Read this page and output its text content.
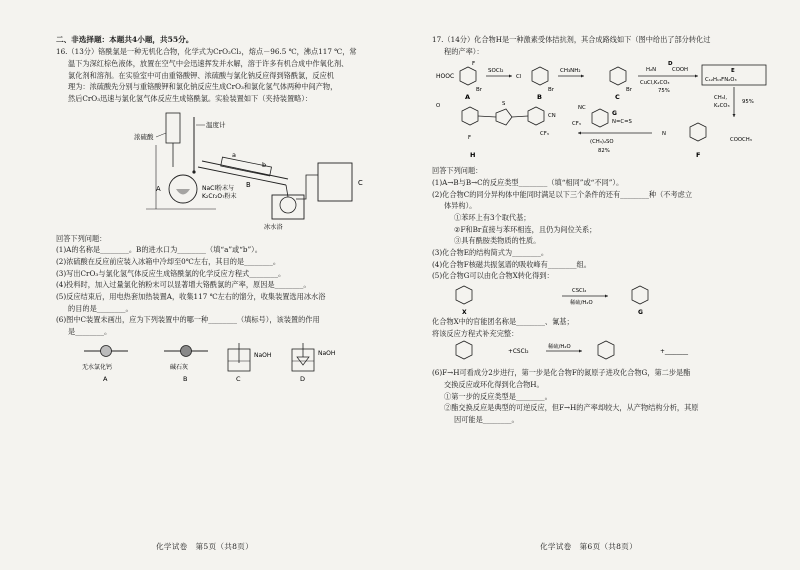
二、非选择题：本题共4小题，共55分。

16.（13分）铬酰氯是一种无机化合物，化学式为CrO₂Cl₂，熔点－96.5 ℃，沸点117 ℃，常

温下为深红棕色液体，放置在空气中会迅速挥发并水解，溶于许多有机合成中作氧化剂、

氯化剂和溶剂。在实验室中可由重铬酸钾、浓硫酸与氯化钠反应得到铬酰氯，反应机

理为：浓硫酸先分别与重铬酸钾和氯化钠反应生成CrO₃和氯化氢气体两种中间产物，

然后CrO₃迅速与氯化氢气体反应生成铬酰氯。实验装置如下（夹持装置略）：

浓硫酸
温度计
A	NaCl粉末与
K₂Cr₂O₇粉末
a
b
B
冰水浴
C

回答下列问题：

(1)A的名称是________。B的进水口为________（填“a”或“b”）。

(2)浓硫酸在反应前应装入冰箱中冷却至0℃左右，其目的是________。

(3)写出CrO₃与氯化氢气体反应生成铬酰氯的化学反应方程式________。

(4)投料时，加入过量氯化钠粉末可以显著增大铬酰氯的产率，原因是________。

(5)反应结束后，用电热套加热装置A，收集117 ℃左右的馏分，收集装置选用冰水浴

的目的是________。

(6)图中C装置未画出，应为下列装置中的哪一种________（填标号），该装置的作用

是________。

无水氯化钙
A
碱石灰
B
NaOH
C
NaOH
D
化学试卷　第5页（共8页）

17.（14分）化合物H是一种激素受体拮抗剂，其合成路线如下（图中给出了部分转化过

程的产率）：

HOOC
F
Br
A
SOCl₂
Cl
Br
B
CH₃NH₂
Br
C
D
H₂N	COOH
CuCl,K₂CO₃
75%
E
C₁₂H₁₃FN₂O₃
CH₃I,
K₂CO₃
95%
N
COOCH₃
F
NC
CF₃
G
N=C=S
(CH₃)₂SO
82%
O	S
CN
CF₃
F
H

回答下列问题：

(1)A→B与B→C的反应类型________（填“相同”或“不同”）。

(2)化合物C的同分异构体中能同时满足以下三个条件的还有________种（不考虑立

体异构）。

①苯环上有3个取代基；

②F和Br直接与苯环相连，且仍为间位关系；

③具有酰胺类物质的性质。

(3)化合物E的结构简式为________。

(4)化合物F核磁共振氢谱的吸收峰有________组。

(5)化合物G可以由化合物X转化得到：

X
CSCl₂
稀硫/H₂O
G

化合物X中的官能团名称是________、氰基；

将该反应方程式补充完整：

+CSCl₂
稀硫/H₂O
+________

(6)F→H可看成分2步进行，第一步是化合物F的氮原子进攻化合物G，第二步是酯

交换反应或环化得到化合物H。

①第一步的反应类型是________。

②酯交换反应是典型的可逆反应，但F→H的产率却较大，从产物结构分析，其原

因可能是________。

化学试卷　第6页（共8页）
